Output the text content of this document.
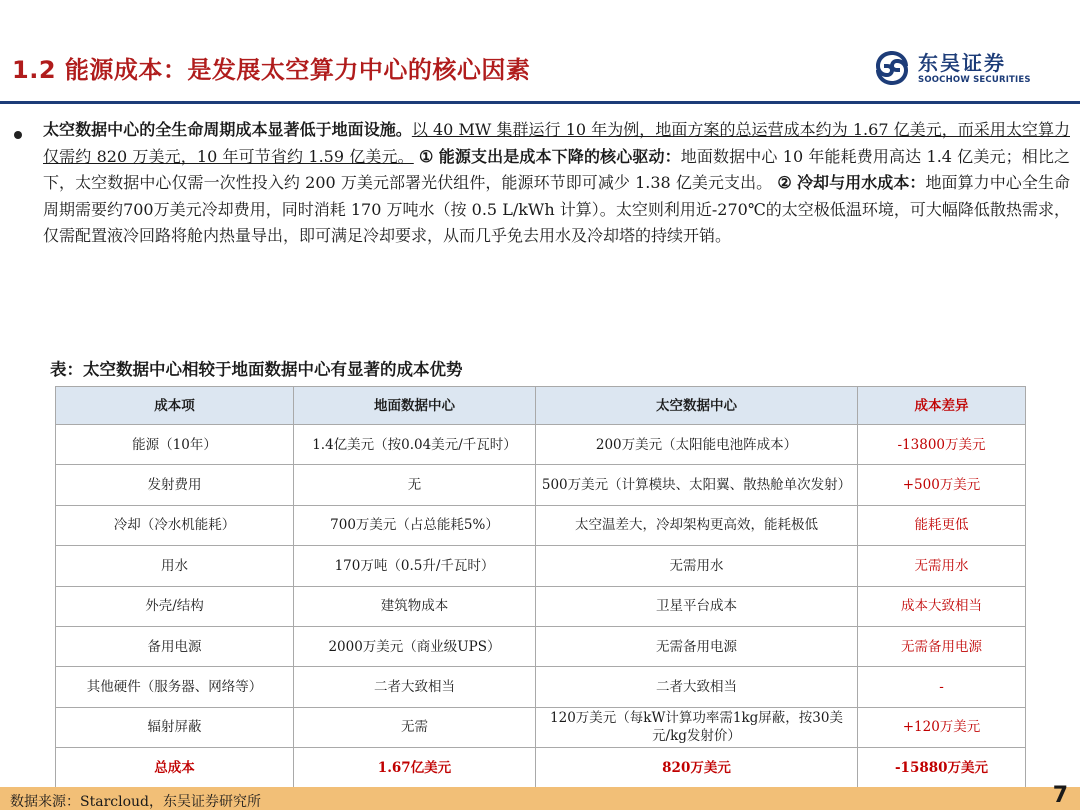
1.2 能源成本：是发展太空算力中心的核心因素	东吴证券
SOOCHOW SECURITIES
太空数据中心的全生命周期成本显著低于地面设施。以 40 MW 集群运行 10 年为例，地面方案的总运营成本约为 1.67 亿美元，而采用太空算力仅需约 820 万美元，10 年可节省约 1.59 亿美元。 ① 能源支出是成本下降的核心驱动：地面数据中心 10 年能耗费用高达 1.4 亿美元；相比之下，太空数据中心仅需一次性投入约 200 万美元部署光伏组件，能源环节即可减少 1.38 亿美元支出。 ② 冷却与用水成本：地面算力中心全生命周期需要约700万美元冷却费用，同时消耗 170 万吨水（按 0.5 L/kWh 计算）。太空则利用近-270℃的太空极低温环境，可大幅降低散热需求，仅需配置液冷回路将舱内热量导出，即可满足冷却要求，从而几乎免去用水及冷却塔的持续开销。
表：太空数据中心相较于地面数据中心有显著的成本优势
成本项	地面数据中心	太空数据中心	成本差异
能源（10年）	1.4亿美元（按0.04美元/千瓦时）	200万美元（太阳能电池阵成本）	-13800万美元
发射费用	无	500万美元（计算模块、太阳翼、散热舱单次发射）	+500万美元
冷却（冷水机能耗）	700万美元（占总能耗5%）	太空温差大，冷却架构更高效，能耗极低	能耗更低
用水	170万吨（0.5升/千瓦时）	无需用水	无需用水
外壳/结构	建筑物成本	卫星平台成本	成本大致相当
备用电源	2000万美元（商业级UPS）	无需备用电源	无需备用电源
其他硬件（服务器、网络等）	二者大致相当	二者大致相当	-
辐射屏蔽	无需	120万美元（每kW计算功率需1kg屏蔽，按30美元/kg发射价）	+120万美元
总成本	1.67亿美元	820万美元	-15880万美元
数据来源：Starcloud，东吴证券研究所	7
